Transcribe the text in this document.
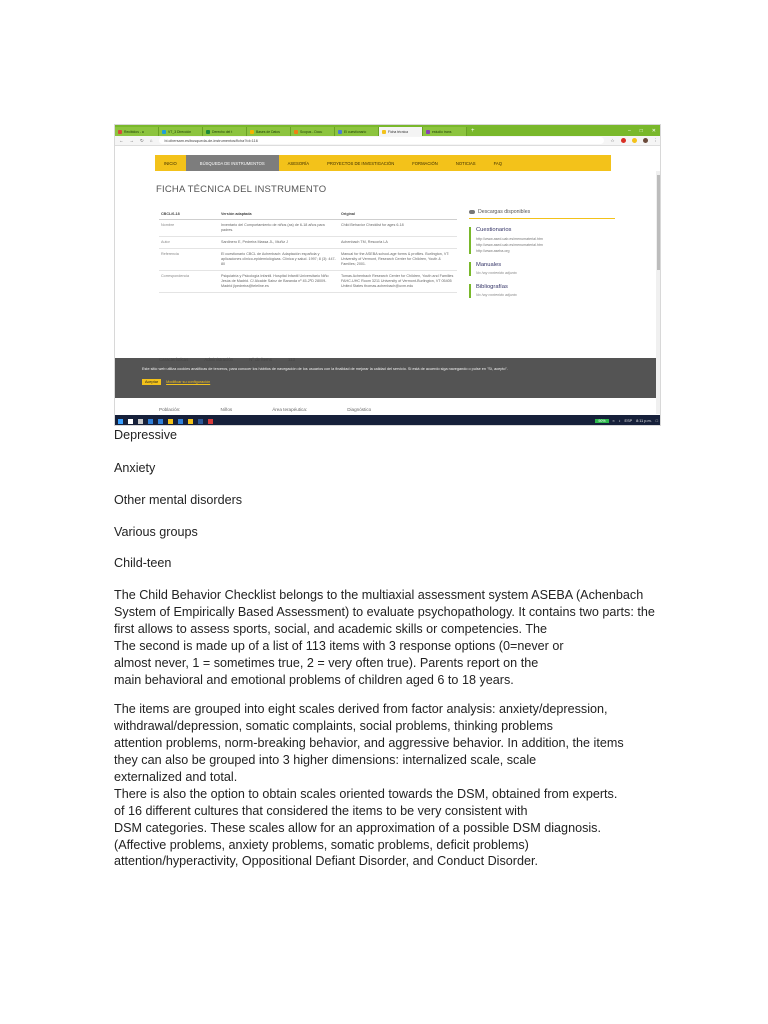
Recibidos - a	VT_3 Dirección	Derecho del t	Bases de Datos	Scopus - Docu	El cuestionario	Ficha técnica	estudio trans	+	– □ ✕
← → ↻ ⌂	bi.cibersam.es/busqueda-de-instrumentos/ficha?Id=116	☆	⋮
INICIO	BÚSQUEDA DE INSTRUMENTOS	ASESORÍA	PROYECTOS DE INVESTIGACIÓN	FORMACIÓN	NOTICIAS	FAQ
FICHA TÉCNICA DEL INSTRUMENTO
CBCL/6-18	Versión adaptada	Original
Nombre	Inventario del Comportamiento de niños (as) de 6-18 años para padres.	Child Behavior Checklist for ages 6-18
Autor	Sardinero E, Pedreira Massa JL, Muñiz J	Achenbach TM, Rescorla LA
Referencia	El cuestionario CBCL de Achenbach: Adaptación española y aplicaciones clínico-epidemiológicas. Clínica y salud. 1997; 8 (3): 447-80	Manual for the ASEBA school-age forms & profiles. Burlington, VT: University of Vermont, Research Center for Children, Youth & Families; 2001.
Correspondencia	Psiquiatría y Psicología Infantil. Hospital Infantil Universitario Niño Jesús de Madrid. C/ Alcalde Sainz de Baranda nº 45-2ºD 28009-Madrid jlpedreira@teleline.es	Tomas Achenbach Research Center for Children, Youth and Families FAHC-UHC Room 3211 University of Vermont-Burlington, VT 05405 United States thomas.achenbach@uvm.edu
Descargas disponibles
Cuestionarios
http://www.ased.uab.es/menumaterial.htm
http://www.ased.uab.es/menumaterial.htm
http://www.aseba.org
Manuales
No hay contenido adjunto
Bibliografías
No hay contenido adjunto
Este sitio web utiliza cookies analíticas de terceros, para conocer los hábitos de navegación de los usuarios con la finalidad de mejorar la calidad del servicio. Si está de acuerdo siga navegando o pulse en "Sí, acepto".
Aceptar	Modificar su configuración
Población:	Niños	Área terapéutica:	Diagnóstico
90%	≈ ♪ ESP 8:11 p.m. □
Depressive
Anxiety
Other mental disorders
Various groups
Child-teen
The Child Behavior Checklist belongs to the multiaxial assessment system ASEBA (Achenbach
System of Empirically Based Assessment) to evaluate psychopathology. It contains two parts: the
first allows to assess sports, social, and academic skills or competencies. The
The second is made up of a list of 113 items with 3 response options (0=never or
almost never, 1 = sometimes true, 2 = very often true). Parents report on the
main behavioral and emotional problems of children aged 6 to 18 years.
The items are grouped into eight scales derived from factor analysis: anxiety/depression,
withdrawal/depression, somatic complaints, social problems, thinking problems
attention problems, norm-breaking behavior, and aggressive behavior. In addition, the items
they can also be grouped into 3 higher dimensions: internalized scale, scale
externalized and total.
There is also the option to obtain scales oriented towards the DSM, obtained from experts.
of 16 different cultures that considered the items to be very consistent with
DSM categories. These scales allow for an approximation of a possible DSM diagnosis.
(Affective problems, anxiety problems, somatic problems, deficit problems)
attention/hyperactivity, Oppositional Defiant Disorder, and Conduct Disorder.
